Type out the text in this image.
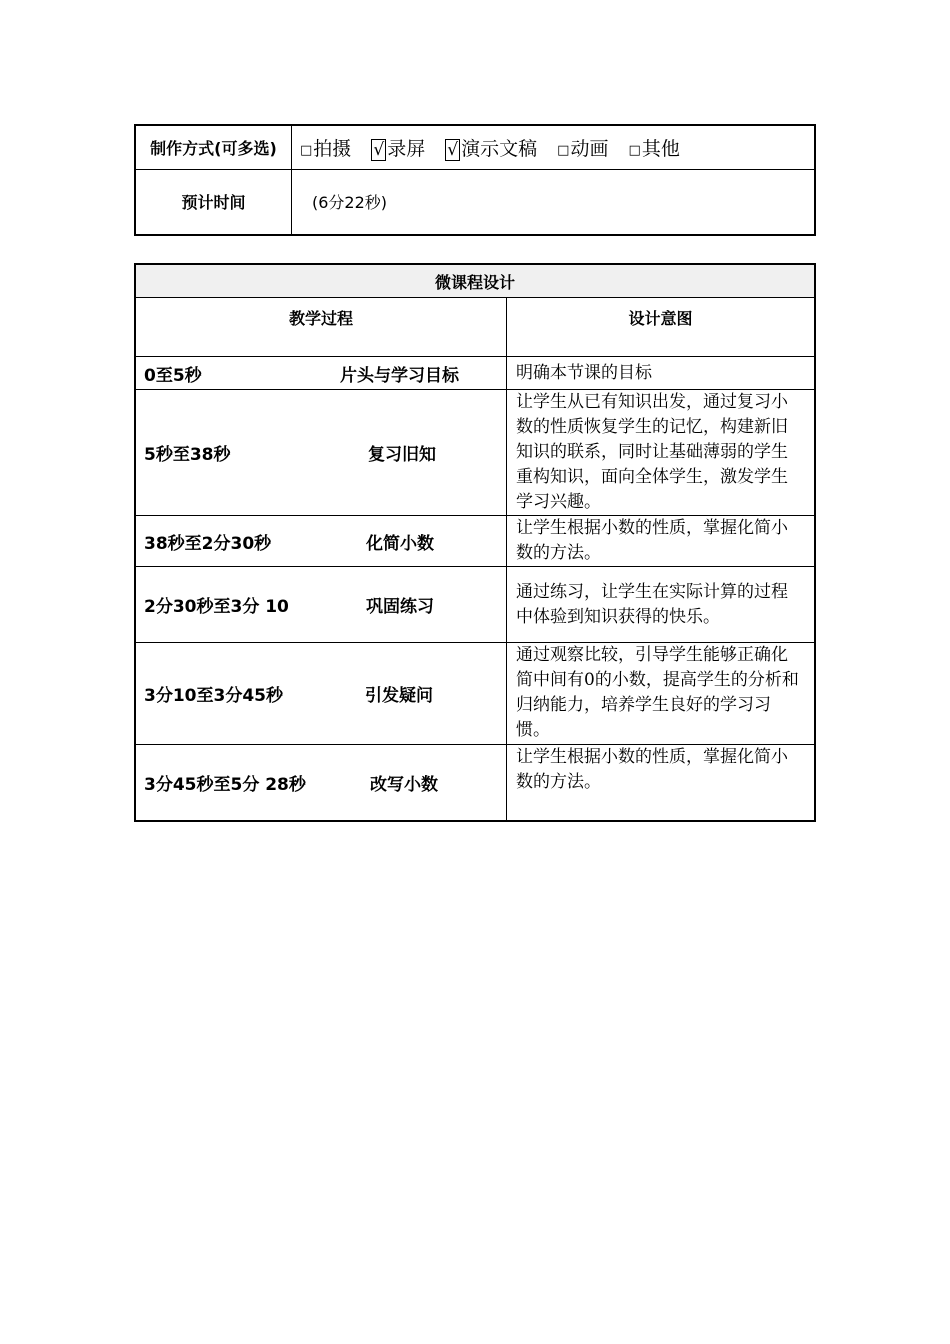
制作方式(可多选)	□拍摄 √ 录屏 √ 演示文稿 □动画 □其他
预计时间	(6分22秒)
微课程设计	
教学过程	设计意图
0至5秒 片头与学习目标	明确本节课的目标
5秒至38秒 复习旧知	让学生从已有知识出发，通过复习小数的性质恢复学生的记忆，构建新旧知识的联系，同时让基础薄弱的学生重构知识，面向全体学生，激发学生学习兴趣。
38秒至2分30秒 化简小数	让学生根据小数的性质，掌握化简小数的方法。
2分30秒至3分 10 巩固练习	通过练习，让学生在实际计算的过程中体验到知识获得的快乐。
3分10至3分45秒 引发疑问	通过观察比较，引导学生能够正确化简中间有0的小数，提高学生的分析和归纳能力，培养学生良好的学习习惯。
3分45秒至5分 28秒 改写小数	让学生根据小数的性质，掌握化简小数的方法。
